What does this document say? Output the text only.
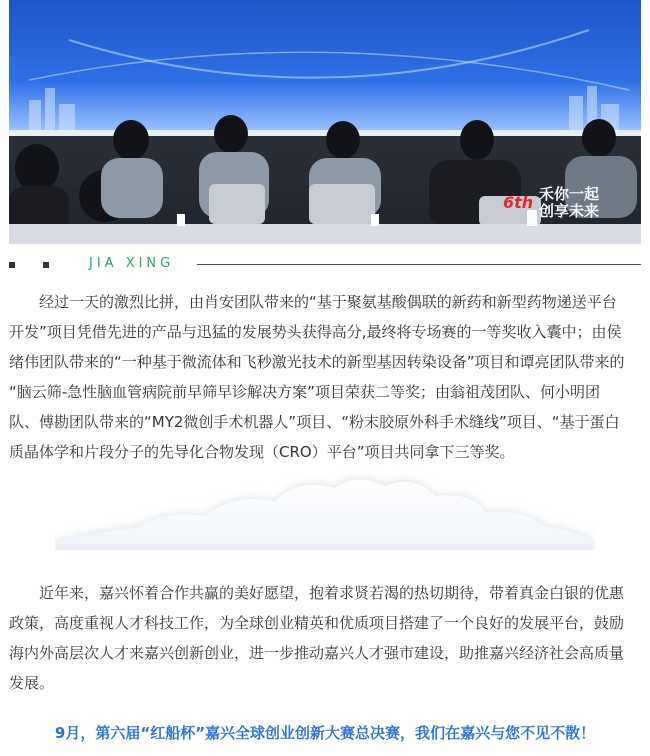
6th 禾你一起
创享未来
JIA XING
经过一天的激烈比拼，由肖安团队带来的“基于聚氨基酸偶联的新药和新型药物递送平台
开发”项目凭借先进的产品与迅猛的发展势头获得高分,最终将专场赛的一等奖收入囊中；由侯
绪伟团队带来的“一种基于微流体和飞秒激光技术的新型基因转染设备”项目和谭亮团队带来的
“脑云筛-急性脑血管病院前早筛早诊解决方案”项目荣获二等奖；由翁祖茂团队、何小明团
队、傅勘团队带来的“MY2微创手术机器人”项目、“粉末胶原外科手术缝线”项目、“基于蛋白
质晶体学和片段分子的先导化合物发现（CRO）平台”项目共同拿下三等奖。
近年来，嘉兴怀着合作共赢的美好愿望，抱着求贤若渴的热切期待，带着真金白银的优惠
政策，高度重视人才科技工作，为全球创业精英和优质项目搭建了一个良好的发展平台，鼓励
海内外高层次人才来嘉兴创新创业，进一步推动嘉兴人才强市建设，助推嘉兴经济社会高质量
发展。
9月，第六届“红船杯”嘉兴全球创业创新大赛总决赛，我们在嘉兴与您不见不散！
